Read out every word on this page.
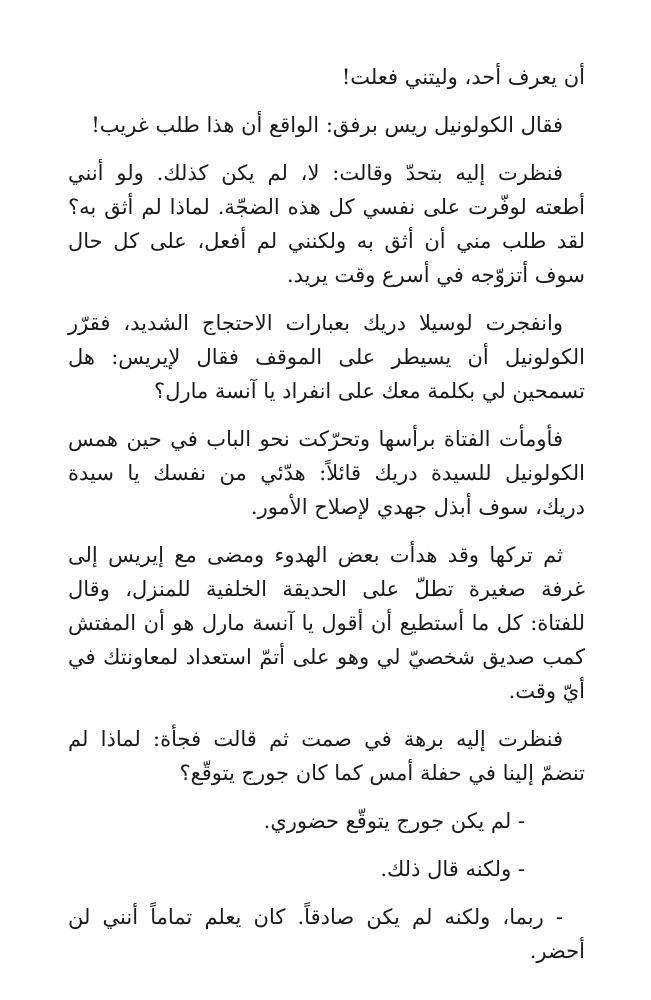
أن يعرف أحد، وليتني فعلت!

فقال الكولونيل ريس برفق: الواقع أن هذا طلب غريب!

فنظرت إليه بتحدّ وقالت: لا، لم يكن كذلك. ولو أنني أطعته لوفّرت على نفسي كل هذه الضجّة. لماذا لم أثق به؟ لقد طلب مني أن أثق به ولكنني لم أفعل، على كل حال سوف أتزوّجه في أسرع وقت يريد.

وانفجرت لوسيلا دريك بعبارات الاحتجاج الشديد، فقرّر الكولونيل أن يسيطر على الموقف فقال لإيريس: هل تسمحين لي بكلمة معك على انفراد يا آنسة مارل؟

فأومأت الفتاة برأسها وتحرّكت نحو الباب في حين همس الكولونيل للسيدة دريك قائلاً: هدّئي من نفسك يا سيدة دريك، سوف أبذل جهدي لإصلاح الأمور.

ثم تركها وقد هدأت بعض الهدوء ومضى مع إيريس إلى غرفة صغيرة تطلّ على الحديقة الخلفية للمنزل، وقال للفتاة: كل ما أستطيع أن أقول يا آنسة مارل هو أن المفتش كمب صديق شخصيّ لي وهو على أتمّ استعداد لمعاونتك في أيّ وقت.

فنظرت إليه برهة في صمت ثم قالت فجأة: لماذا لم تنضمّ إلينا في حفلة أمس كما كان جورج يتوقّع؟

- لم يكن جورج يتوقّع حضوري.

- ولكنه قال ذلك.

- ربما، ولكنه لم يكن صادقاً. كان يعلم تماماً أنني لن أحضر.
